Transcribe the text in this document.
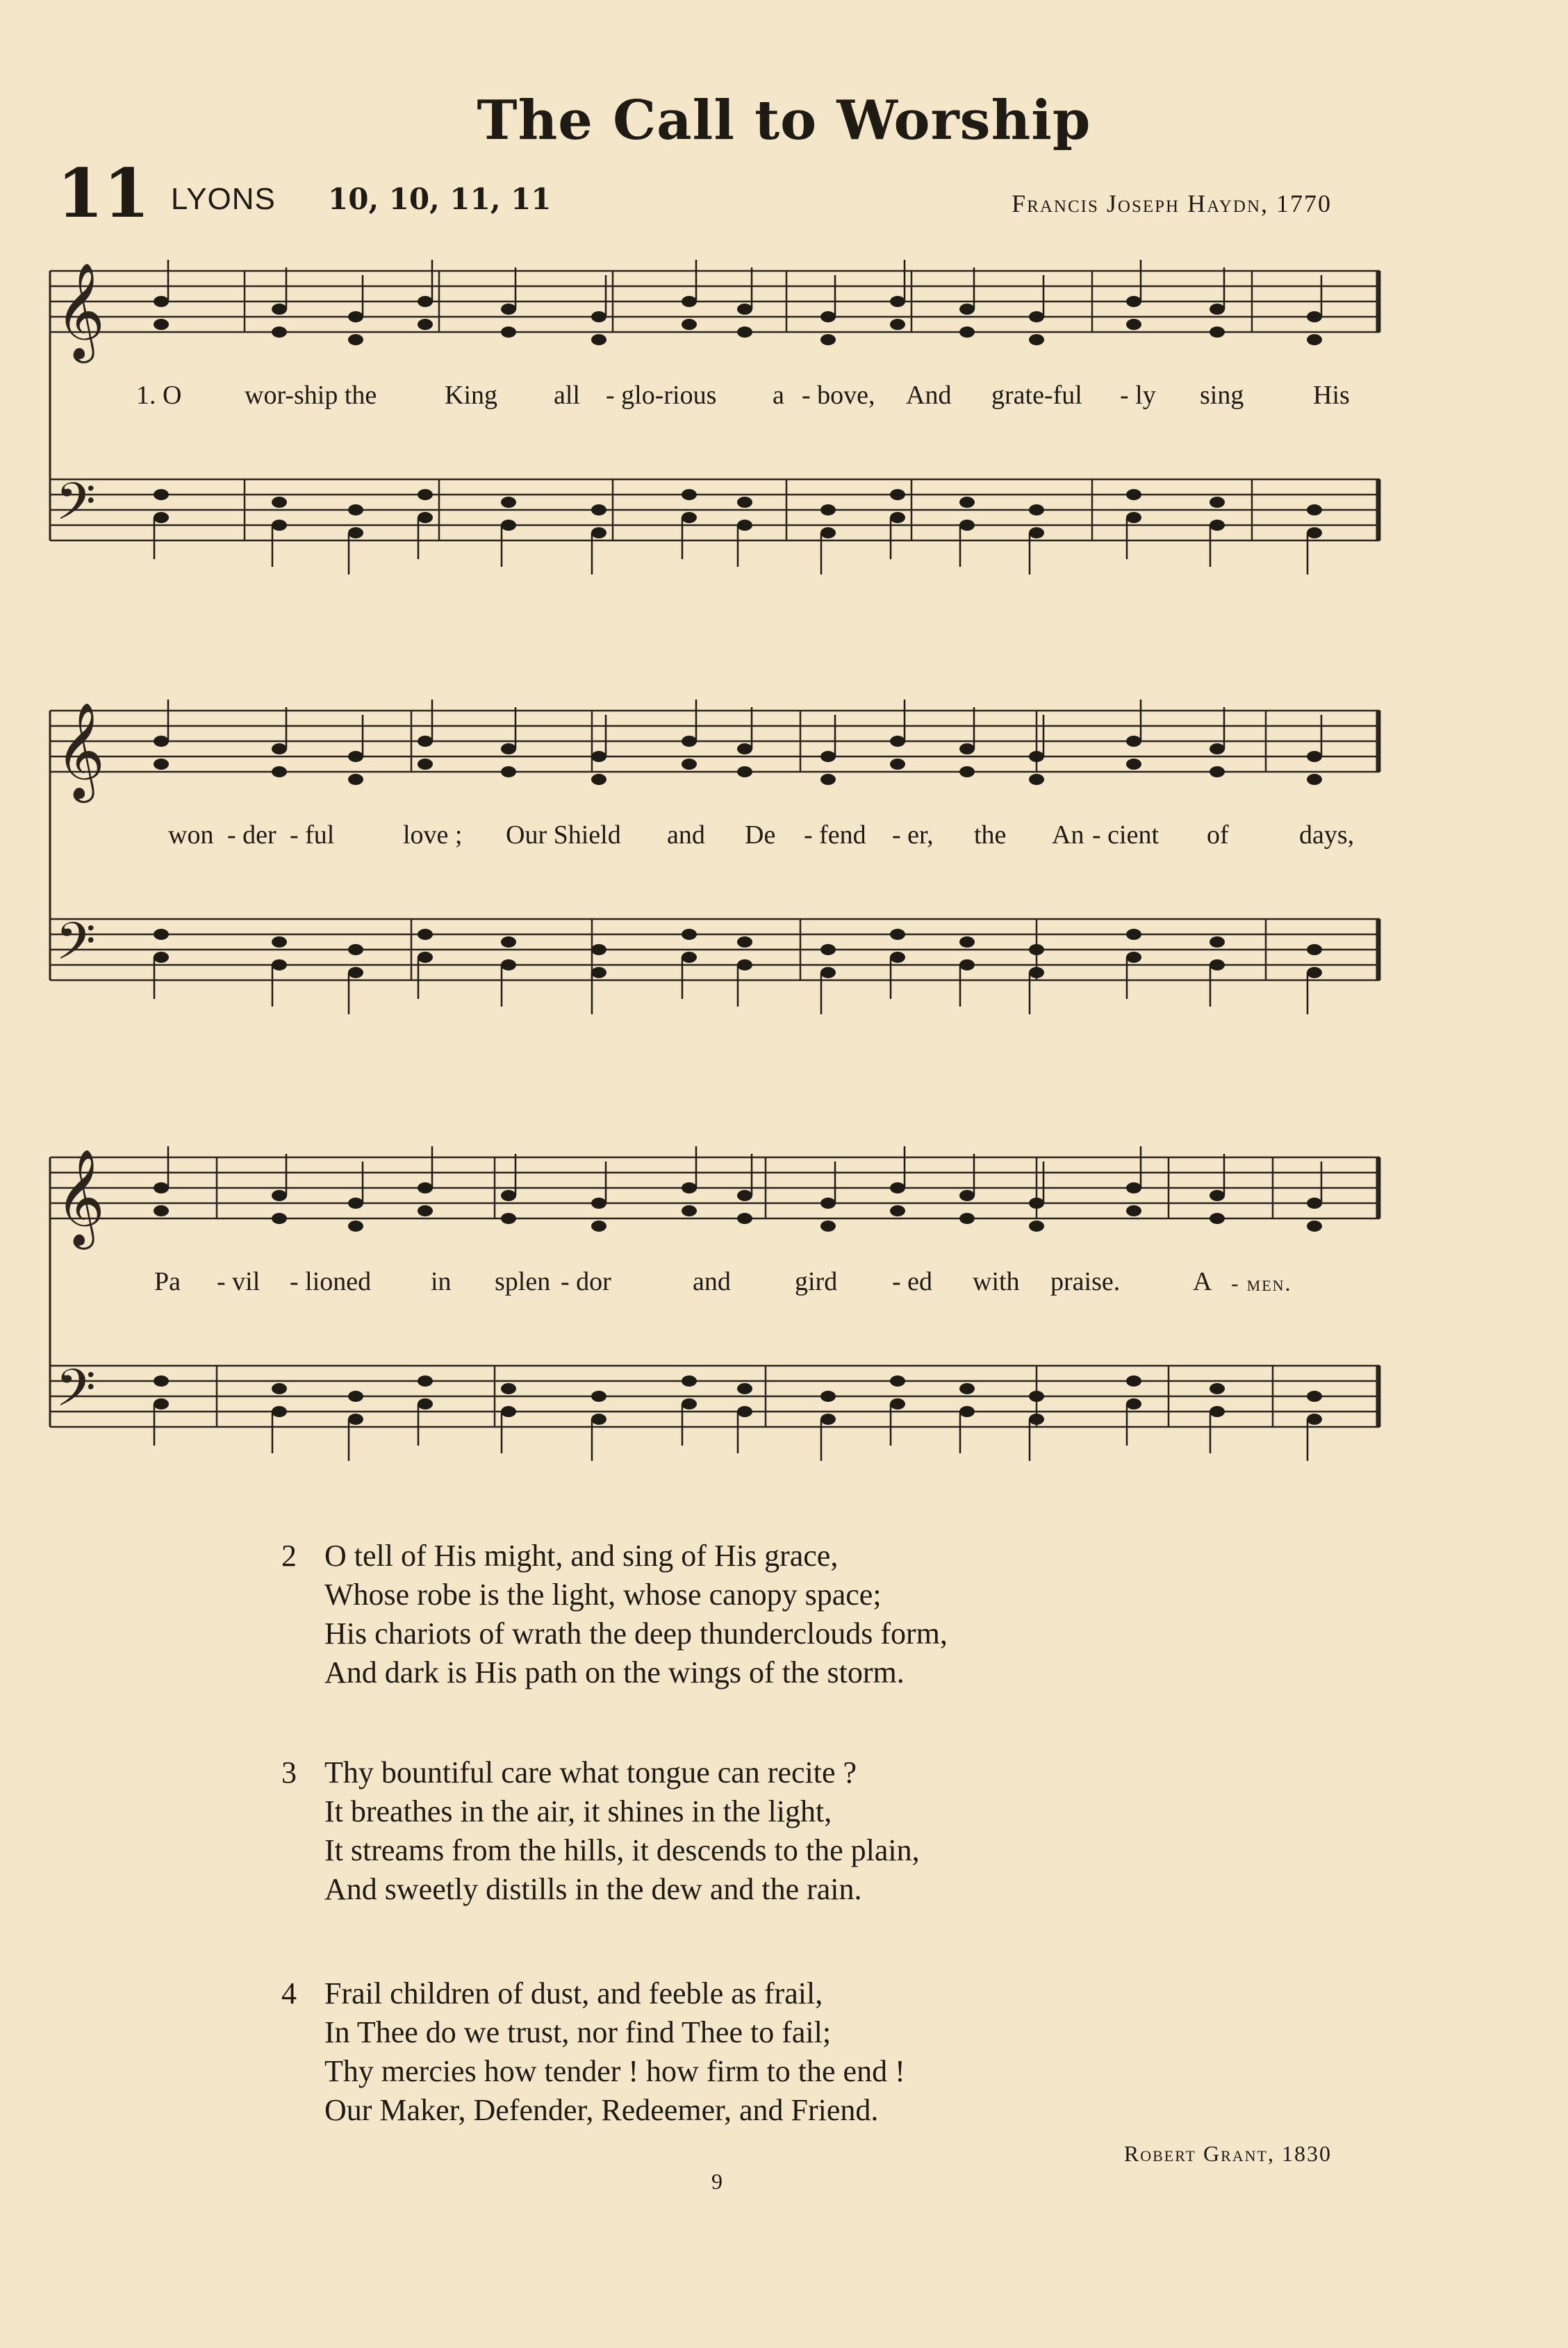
The Call to Worship
11 LYONS 10, 10, 11, 11	Francis Joseph Haydn, 1770
𝄞
𝄢
1. O wor-ship the	King all - glo-rious a - bove, And grate-ful - ly sing	His
𝄞
𝄢
won - der - ful	love ; Our Shield and De - fend - er, the An - cient of	days,
𝄞
𝄢
Pa - vil - lioned in splen - dor	and gird - ed with praise.	A - men.
2 O tell of His might, and sing of His grace,
Whose robe is the light, whose canopy space;
His chariots of wrath the deep thunderclouds form,
And dark is His path on the wings of the storm.
3 Thy bountiful care what tongue can recite ?
It breathes in the air, it shines in the light,
It streams from the hills, it descends to the plain,
And sweetly distills in the dew and the rain.
4 Frail children of dust, and feeble as frail,
In Thee do we trust, nor find Thee to fail;
Thy mercies how tender ! how firm to the end !
Our Maker, Defender, Redeemer, and Friend.
Robert Grant, 1830
9
